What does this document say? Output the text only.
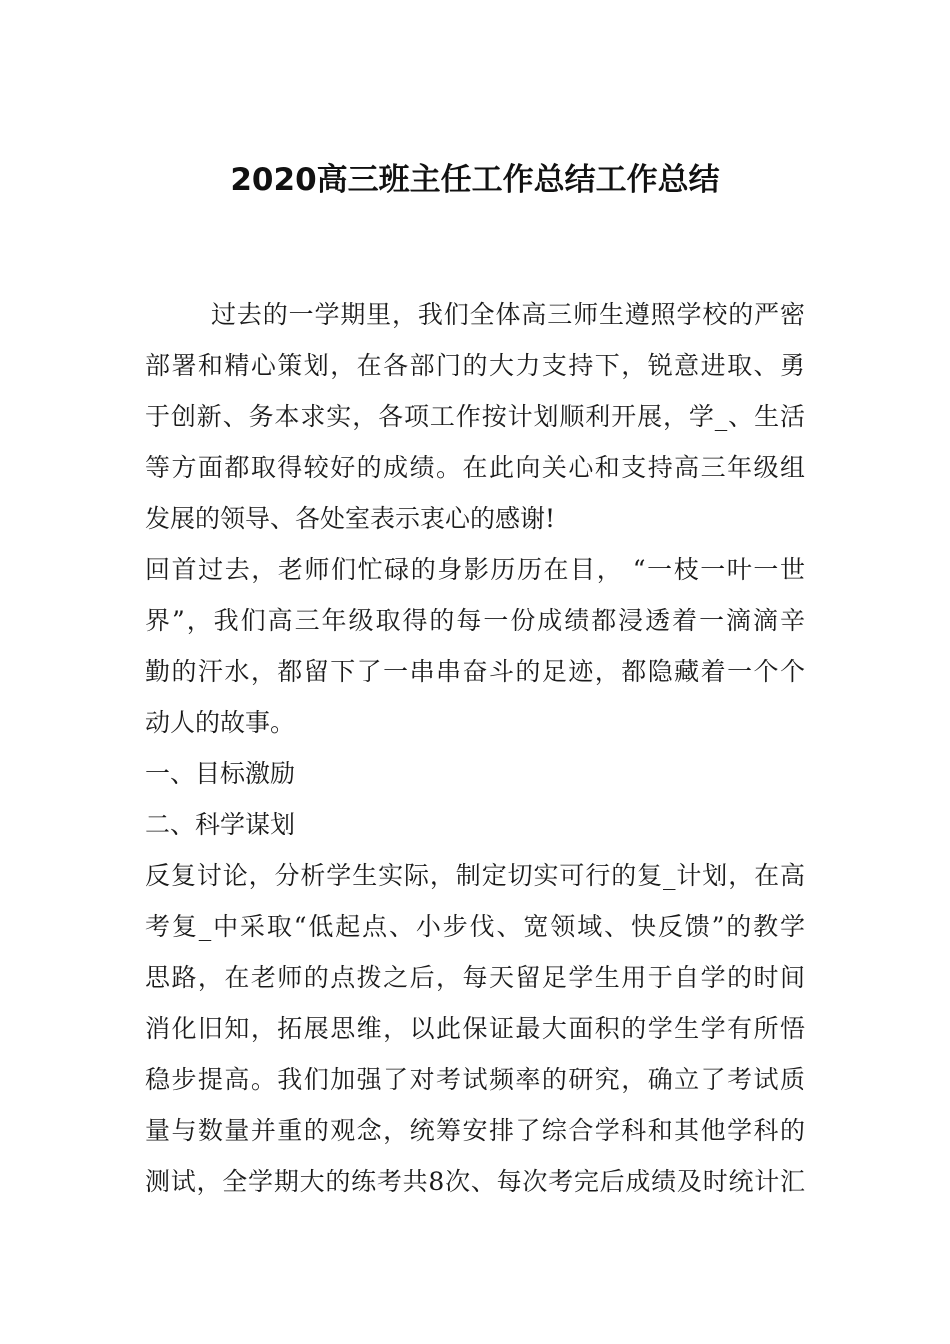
2020高三班主任工作总结工作总结
过去的一学期里，我们全体高三师生遵照学校的严密
部署和精心策划，在各部门的大力支持下，锐意进取、勇
于创新、务本求实，各项工作按计划顺利开展，学_、生活
等方面都取得较好的成绩。在此向关心和支持高三年级组
发展的领导、各处室表示衷心的感谢!
回首过去，老师们忙碌的身影历历在目， “一枝一叶一世
界”，我们高三年级取得的每一份成绩都浸透着一滴滴辛
勤的汗水，都留下了一串串奋斗的足迹，都隐藏着一个个
动人的故事。
一、目标激励
二、科学谋划
反复讨论，分析学生实际，制定切实可行的复_计划，在高
考复_中采取“低起点、小步伐、宽领域、快反馈”的教学
思路，在老师的点拨之后，每天留足学生用于自学的时间
消化旧知，拓展思维，以此保证最大面积的学生学有所悟
稳步提高。我们加强了对考试频率的研究，确立了考试质
量与数量并重的观念，统筹安排了综合学科和其他学科的
测试，全学期大的练考共8次、每次考完后成绩及时统计汇
